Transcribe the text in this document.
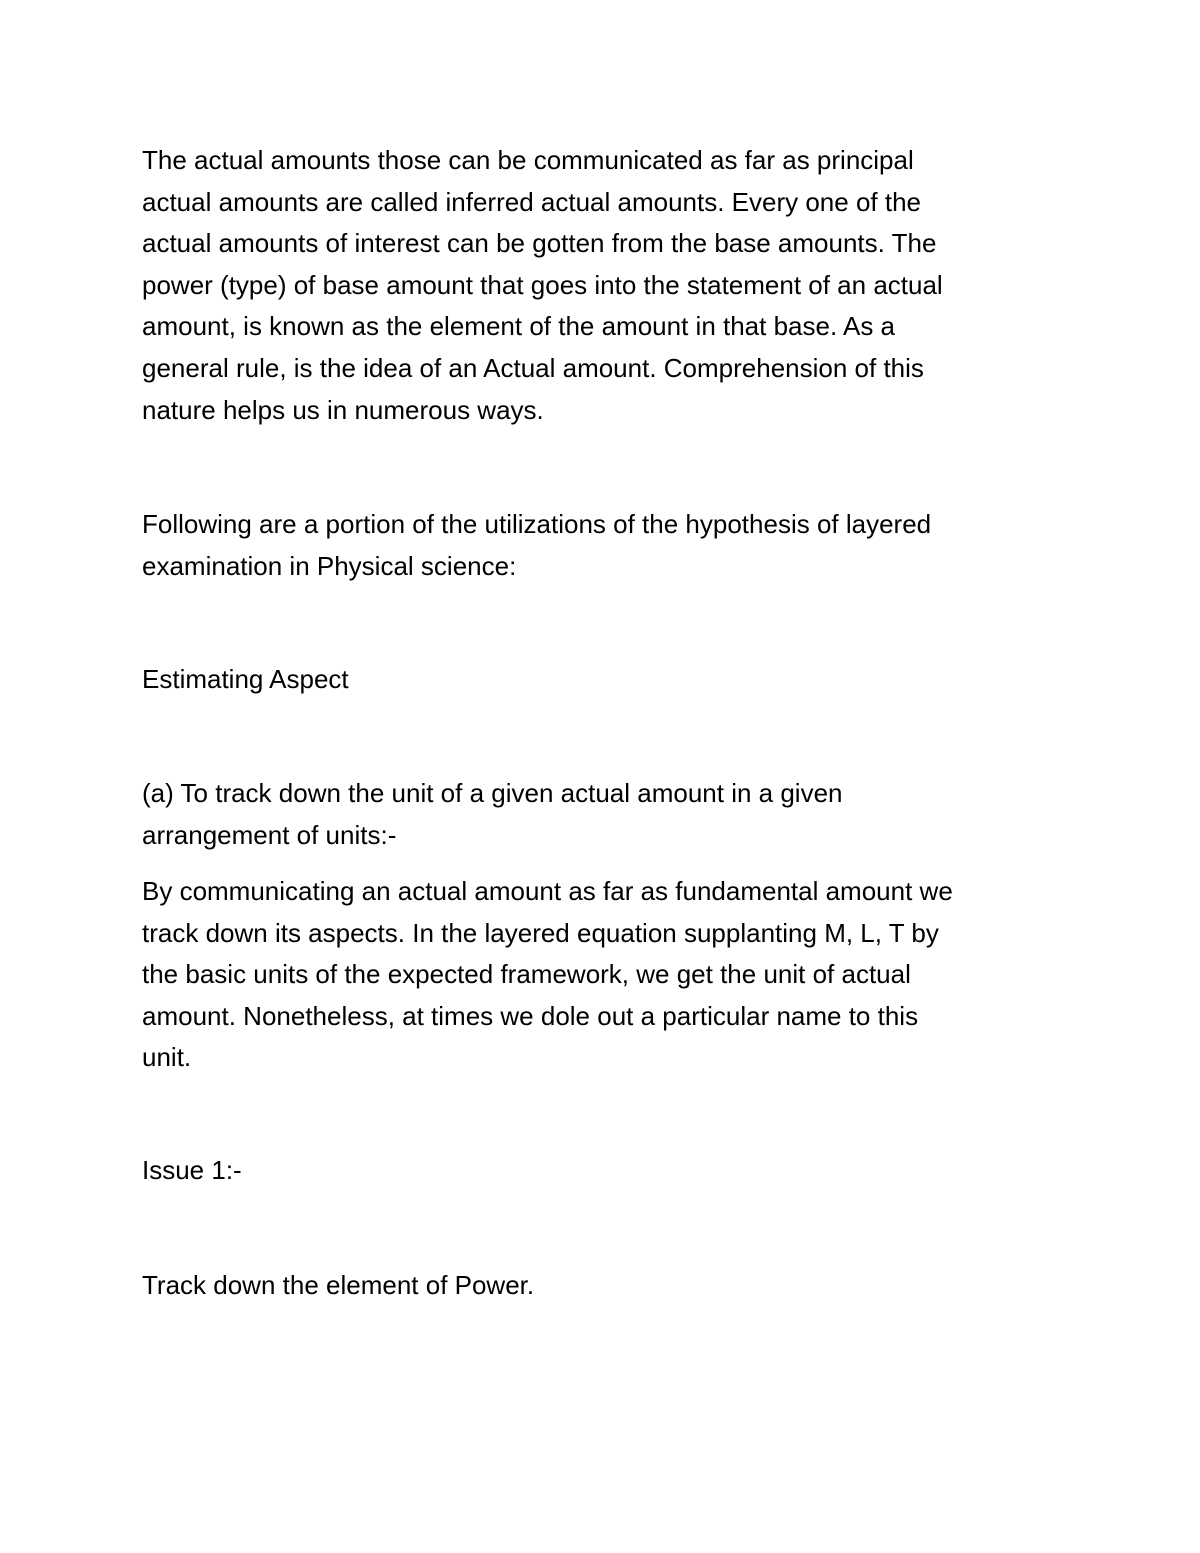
The actual amounts those can be communicated as far as principal
actual amounts are called inferred actual amounts. Every one of the
actual amounts of interest can be gotten from the base amounts. The
power (type) of base amount that goes into the statement of an actual
amount, is known as the element of the amount in that base. As a
general rule, is the idea of an Actual amount. Comprehension of this
nature helps us in numerous ways.
Following are a portion of the utilizations of the hypothesis of layered
examination in Physical science:
Estimating Aspect
(a) To track down the unit of a given actual amount in a given
arrangement of units:-
By communicating an actual amount as far as fundamental amount we
track down its aspects. In the layered equation supplanting M, L, T by
the basic units of the expected framework, we get the unit of actual
amount. Nonetheless, at times we dole out a particular name to this
unit.
Issue 1:-
Track down the element of Power.
